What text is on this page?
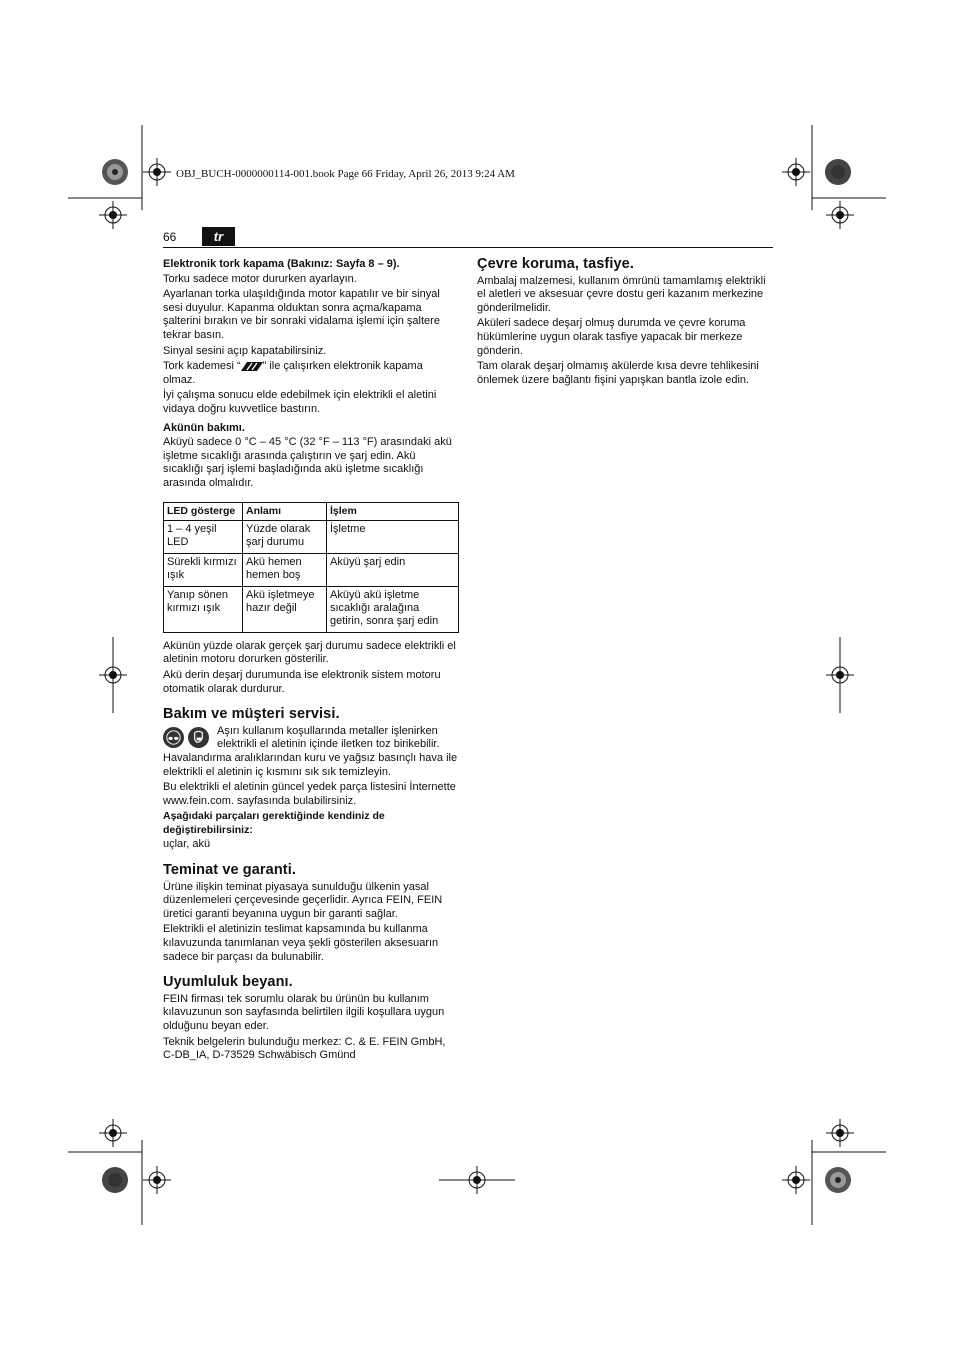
OBJ_BUCH-0000000114-001.book Page 66 Friday, April 26, 2013 9:24 AM
66	tr
Elektronik tork kapama (Bakınız: Sayfa 8 – 9).

Torku sadece motor dururken ayarlayın.

Ayarlanan torka ulaşıldığında motor kapatılır ve bir sinyal sesi duyulur. Kapanma olduktan sonra açma/kapama şalterini bırakın ve bir sonraki vidalama işlemi için şaltere tekrar basın.

Sinyal sesini açıp kapatabilirsiniz.

Tork kademesi “ ” ile çalışırken elektronik kapama olmaz.

İyi çalışma sonucu elde edebilmek için elektrikli el aletini vidaya doğru kuvvetlice bastırın.

Akünün bakımı.

Aküyü sadece 0 °C – 45 °C (32 °F – 113 °F) arasındaki akü işletme sıcaklığı arasında çalıştırın ve şarj edin. Akü sıcaklığı şarj işlemi başladığında akü işletme sıcaklığı arasında olmalıdır.

LED gösterge	Anlamı	İşlem
1 – 4 yeşil LED	Yüzde olarak şarj durumu	İşletme
Sürekli kırmızı ışık	Akü hemen hemen boş	Aküyü şarj edin
Yanıp sönen kırmızı ışık	Akü işletmeye hazır değil	Aküyü akü işletme sıcaklığı aralağına getirin, sonra şarj edin

Akünün yüzde olarak gerçek şarj durumu sadece elektrikli el aletinin motoru dorurken gösterilir.

Akü derin deşarj durumunda ise elektronik sistem motoru otomatik olarak durdurur.

Bakım ve müşteri servisi.

Aşırı kullanım koşullarında metaller işlenirken elektrikli el aletinin içinde iletken toz birikebilir. Havalandırma aralıklarından kuru ve yağsız basınçlı hava ile elektrikli el aletinin iç kısmını sık sık temizleyin.

Bu elektrikli el aletinin güncel yedek parça listesini İnternette www.fein.com. sayfasında bulabilirsiniz.

Aşağıdaki parçaları gerektiğinde kendiniz de değiştirebilirsiniz:

uçlar, akü

Teminat ve garanti.

Ürüne ilişkin teminat piyasaya sunulduğu ülkenin yasal düzenlemeleri çerçevesinde geçerlidir. Ayrıca FEIN, FEIN üretici garanti beyanına uygun bir garanti sağlar.

Elektrikli el aletinizin teslimat kapsamında bu kullanma kılavuzunda tanımlanan veya şekli gösterilen aksesuarın sadece bir parçası da bulunabilir.

Uyumluluk beyanı.

FEIN firması tek sorumlu olarak bu ürünün bu kullanım kılavuzunun son sayfasında belirtilen ilgili koşullara uygun olduğunu beyan eder.

Teknik belgelerin bulunduğu merkez: C. & E. FEIN GmbH, C-DB_IA, D-73529 Schwäbisch Gmünd

Çevre koruma, tasfiye.

Ambalaj malzemesi, kullanım ömrünü tamamlamış elektrikli el aletleri ve aksesuar çevre dostu geri kazanım merkezine gönderilmelidir.

Aküleri sadece deşarj olmuş durumda ve çevre koruma hükümlerine uygun olarak tasfiye yapacak bir merkeze gönderin.

Tam olarak deşarj olmamış akülerde kısa devre tehlikesini önlemek üzere bağlantı fişini yapışkan bantla izole edin.
